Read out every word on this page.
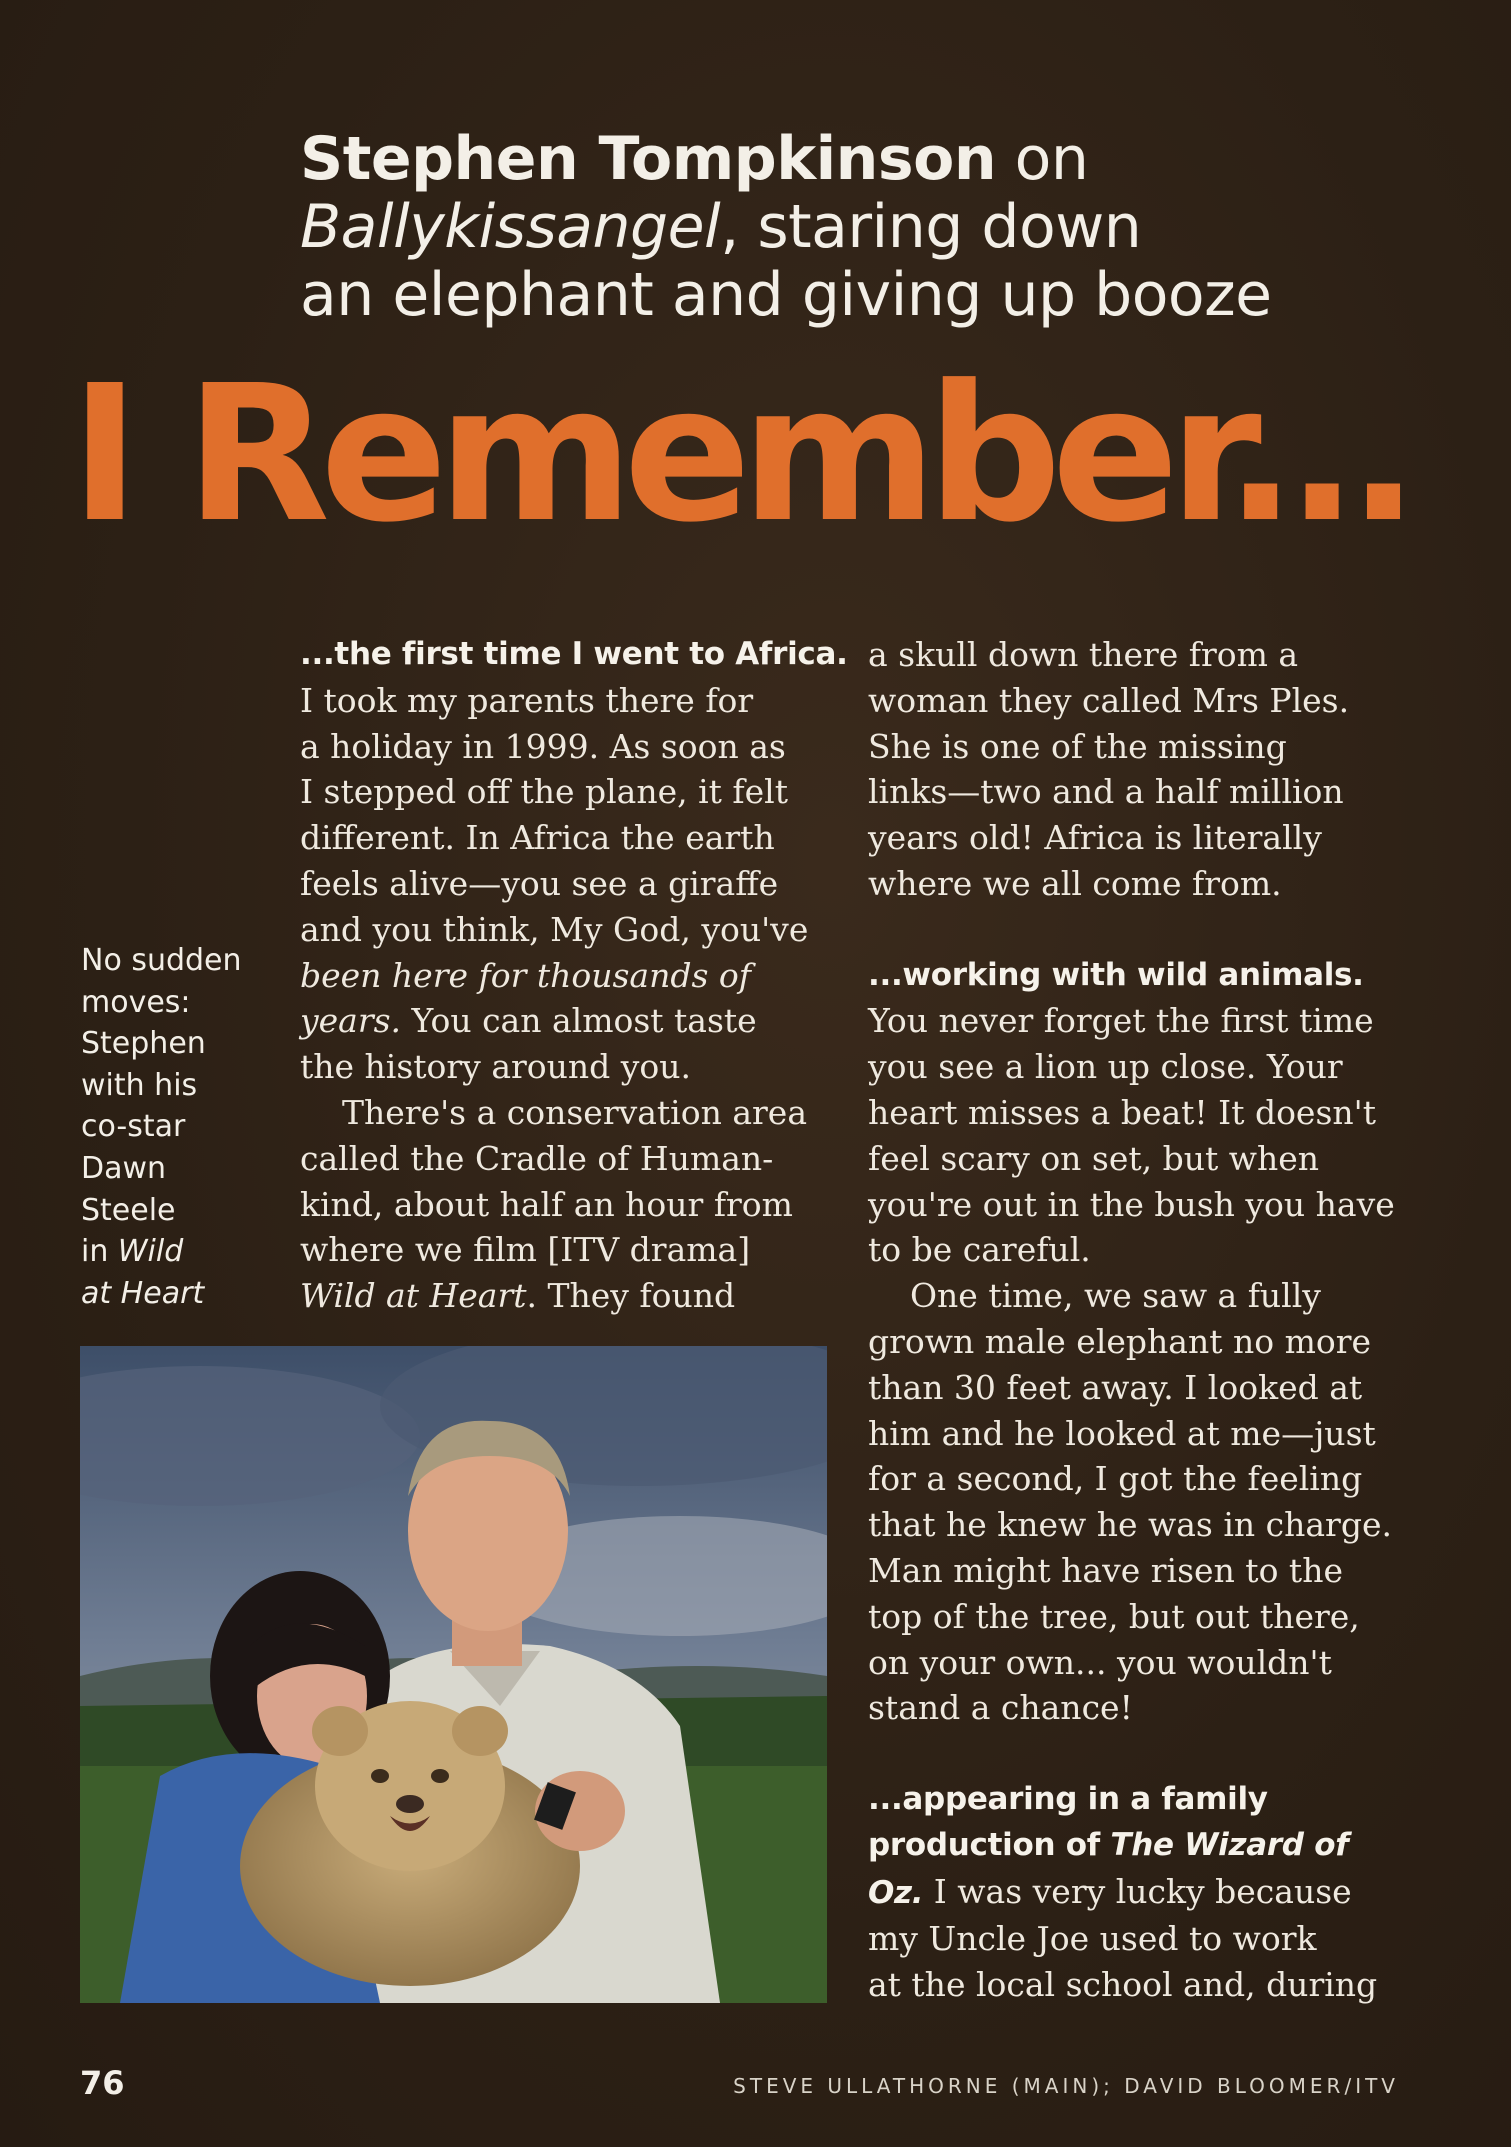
Stephen Tompkinson on
Ballykissangel, staring down
an elephant and giving up booze
I Remember...
No sudden
moves:
Stephen
with his
co-star
Dawn
Steele
in Wild
at Heart
...the first time I went to Africa.
I took my parents there for
a holiday in 1999. As soon as
I stepped off the plane, it felt
different. In Africa the earth
feels alive—you see a giraffe
and you think, My God, you've
been here for thousands of
years. You can almost taste
the history around you.
There's a conservation area
called the Cradle of Human-
kind, about half an hour from
where we film [ITV drama]
Wild at Heart. They found
a skull down there from a
woman they called Mrs Ples.
She is one of the missing
links—two and a half million
years old! Africa is literally
where we all come from.
...working with wild animals.
You never forget the first time
you see a lion up close. Your
heart misses a beat! It doesn't
feel scary on set, but when
you're out in the bush you have
to be careful.
One time, we saw a fully
grown male elephant no more
than 30 feet away. I looked at
him and he looked at me—just
for a second, I got the feeling
that he knew he was in charge.
Man might have risen to the
top of the tree, but out there,
on your own... you wouldn't
stand a chance!
...appearing in a family
production of The Wizard of
Oz. I was very lucky because
my Uncle Joe used to work
at the local school and, during
76	STEVE ULLATHORNE (MAIN); DAVID BLOOMER/ITV
